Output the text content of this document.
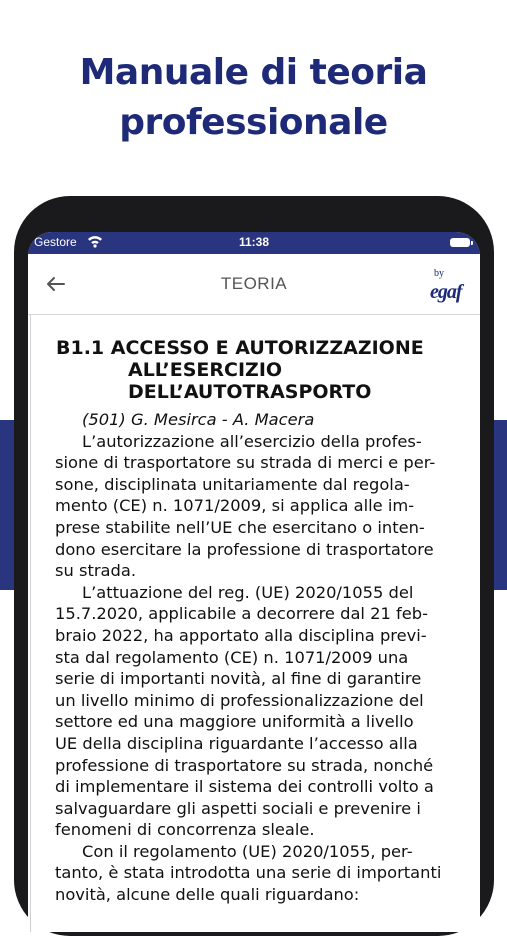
Manuale di teoria
professionale
Gestore	11:38
TEORIA
by
egaf
B1.1 ACCESSO E AUTORIZZAZIONE
ALL’ESERCIZIO
DELL’AUTOTRASPORTO
(501) G. Mesirca - A. Macera
L’autorizzazione all’esercizio della profes-
sione di trasportatore su strada di merci e per-
sone, disciplinata unitariamente dal regola-
mento (CE) n. 1071/2009, si applica alle im-
prese stabilite nell’UE che esercitano o inten-
dono esercitare la professione di trasportatore
su strada.
L’attuazione del reg. (UE) 2020/1055 del
15.7.2020, applicabile a decorrere dal 21 feb-
braio 2022, ha apportato alla disciplina previ-
sta dal regolamento (CE) n. 1071/2009 una
serie di importanti novità, al fine di garantire
un livello minimo di professionalizzazione del
settore ed una maggiore uniformità a livello
UE della disciplina riguardante l’accesso alla
professione di trasportatore su strada, nonché
di implementare il sistema dei controlli volto a
salvaguardare gli aspetti sociali e prevenire i
fenomeni di concorrenza sleale.
Con il regolamento (UE) 2020/1055, per-
tanto, è stata introdotta una serie di importanti
novità, alcune delle quali riguardano:
